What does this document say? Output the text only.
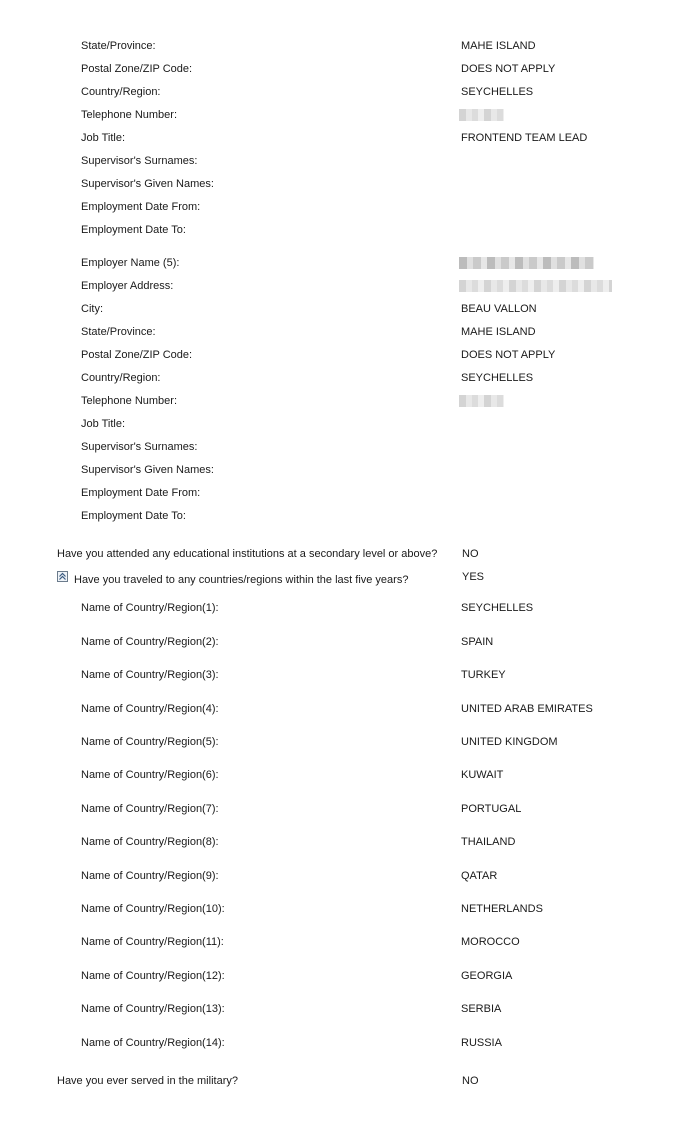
State/Province:	MAHE ISLAND
Postal Zone/ZIP Code:	DOES NOT APPLY
Country/Region:	SEYCHELLES
Telephone Number:
Job Title:	FRONTEND TEAM LEAD
Supervisor's Surnames:
Supervisor's Given Names:
Employment Date From:
Employment Date To:
Employer Name (5):
Employer Address:
City:	BEAU VALLON
State/Province:	MAHE ISLAND
Postal Zone/ZIP Code:	DOES NOT APPLY
Country/Region:	SEYCHELLES
Telephone Number:
Job Title:
Supervisor's Surnames:
Supervisor's Given Names:
Employment Date From:
Employment Date To:
Have you attended any educational institutions at a secondary level or above? NO
Have you traveled to any countries/regions within the last five years?	YES
Name of Country/Region(1):	SEYCHELLES
Name of Country/Region(2):	SPAIN
Name of Country/Region(3):	TURKEY
Name of Country/Region(4):	UNITED ARAB EMIRATES
Name of Country/Region(5):	UNITED KINGDOM
Name of Country/Region(6):	KUWAIT
Name of Country/Region(7):	PORTUGAL
Name of Country/Region(8):	THAILAND
Name of Country/Region(9):	QATAR
Name of Country/Region(10):	NETHERLANDS
Name of Country/Region(11):	MOROCCO
Name of Country/Region(12):	GEORGIA
Name of Country/Region(13):	SERBIA
Name of Country/Region(14):	RUSSIA
Have you ever served in the military?	NO
